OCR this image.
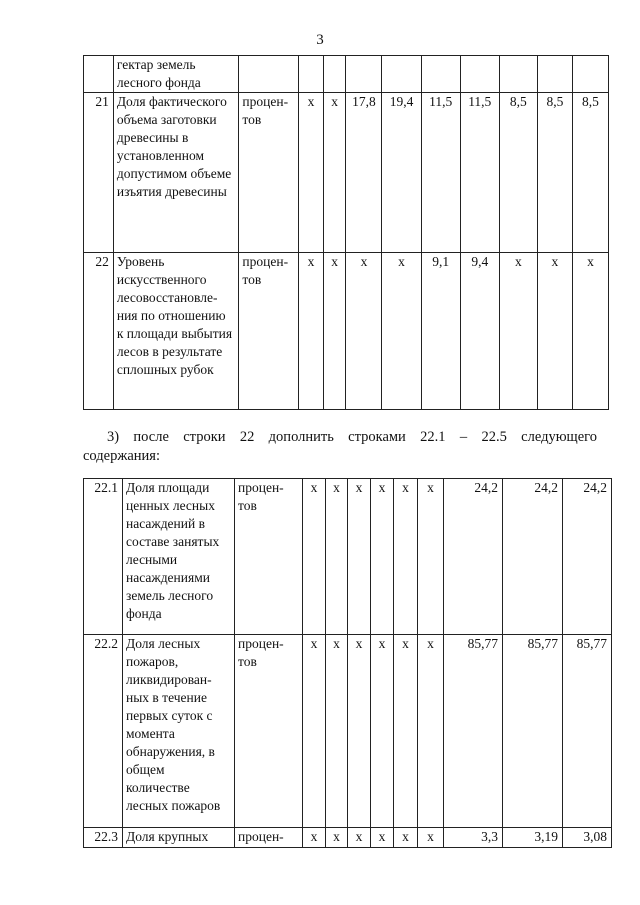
3
	гектар земель лесного фонда										
21	Доля фактического объема заготовки древесины в установленном допустимом объеме изъятия древесины	процен-тов	x	x	17,8	19,4	11,5	11,5	8,5	8,5	8,5
22	Уровень искусственного лесовосстановле-ния по отношению к площади выбытия лесов в результате сплошных рубок	процен-тов	x	x	x	x	9,1	9,4	x	x	x
3) после строки 22 дополнить строками 22.1 – 22.5 следующего
содержания:
22.1	Доля площади ценных лесных насаждений в составе занятых лесными насаждениями земель лесного фонда	процен-тов	x	x	x	x	x	x	24,2	24,2	24,2
22.2	Доля лесных пожаров, ликвидирован-ных в течение первых суток с момента обнаружения, в общем количестве лесных пожаров	процен-тов	x	x	x	x	x	x	85,77	85,77	85,77
22.3	Доля крупных	процен-	x	x	x	x	x	x	3,3	3,19	3,08
